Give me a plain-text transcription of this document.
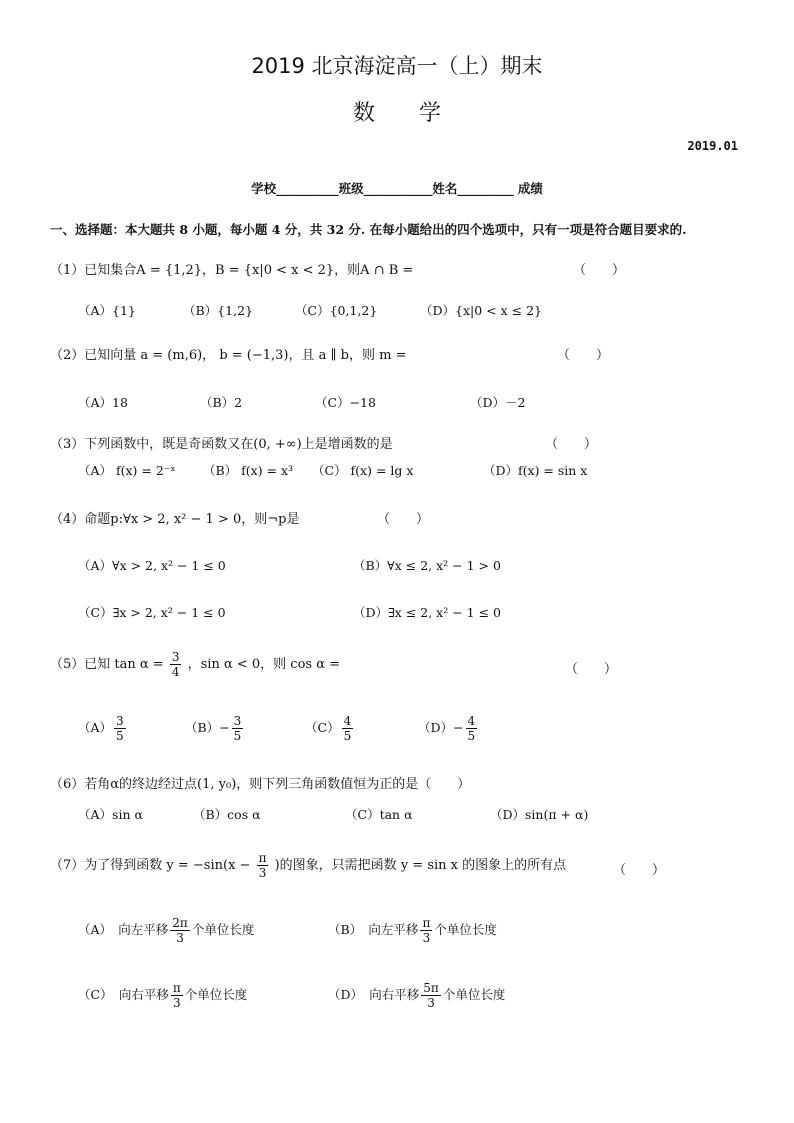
2019 北京海淀高一（上）期末
数　　学
2019.01
学校__________班级___________姓名_________ 成绩
一、选择题：本大题共 8 小题，每小题 4 分，共 32 分. 在每小题给出的四个选项中，只有一项是符合题目要求的.
（1）已知集合A = {1,2}，B = {x|0 < x < 2}，则A ∩ B =	（　　）
（A）{1}	（B）{1,2}	（C）{0,1,2}	（D）{x|0 < x ≤ 2}
（2）已知向量 a = (m,6)， b = (−1,3)，且 a ∥ b，则 m =	（　　）
（A）18	（B）2	（C）−18	（D）－2
（3）下列函数中，既是奇函数又在(0, +∞)上是增函数的是	（　　）
（A） f(x) = 2⁻ˣ （B） f(x) = x³ （C） f(x) = lg x	（D）f(x) = sin x
（4）命题p:∀x > 2, x² − 1 > 0，则¬p是	（　　）
（A）∀x > 2, x² − 1 ≤ 0	（B）∀x ≤ 2, x² − 1 > 0
（C）∃x > 2, x² − 1 ≤ 0	（D）∃x ≤ 2, x² − 1 ≤ 0
（5）已知 $\tan \alpha = \frac{3}{4}$ ，sin α < 0，则 cos α =	（　　）
$(A) \frac{3}{5}$	$(B)- \frac{3}{5}$	$(C) \frac{4}{5}$	$(D)- \frac{4}{5}$
（6）若角α的终边经过点(1, y₀)，则下列三角函数值恒为正的是（　　）
（A）sin α	（B）cos α	（C）tan α	（D）sin(π + α)
（7）为了得到函数 $y = -\sin(x - \frac{\pi}{3}$ )的图象，只需把函数 y = sin x 的图象上的所有点	（　　）
（A）　向左平移 $\frac{2\pi}{3}$ 个单位长度	（B）　向左平移 $\frac{\pi}{3}$ 个单位长度
（C）　向右平移 $\frac{\pi}{3}$ 个单位长度	（D）　向右平移 $\frac{5\pi}{3}$ 个单位长度
